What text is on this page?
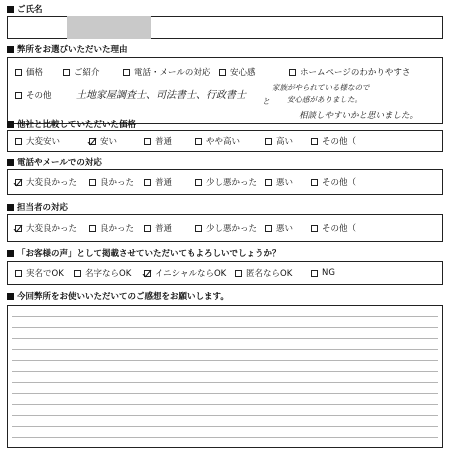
ご氏名
弊所をお選びいただいた理由
価格	ご紹介	電話・メールの対応 安心感	ホームページのわかりやすさ
その他 土地家屋調査士、司法書士、行政書士
と
家族がやられている様なので
安心感がありました。
相談しやすいかと思いました。
他社と比較していただいた価格
大変安い	安い	普通	やや高い	高い	その他（
電話やメールでの対応
大変良かった	良かった 普通	少し悪かった 悪い	その他（
担当者の対応
大変良かった	良かった 普通	少し悪かった 悪い	その他（
「お客様の声」として掲載させていただいてもよろしいでしょうか？
実名でOK 名字ならOK	イニシャルならOK 匿名ならOK	NG
今回弊所をお使いいただいてのご感想をお願いします。
